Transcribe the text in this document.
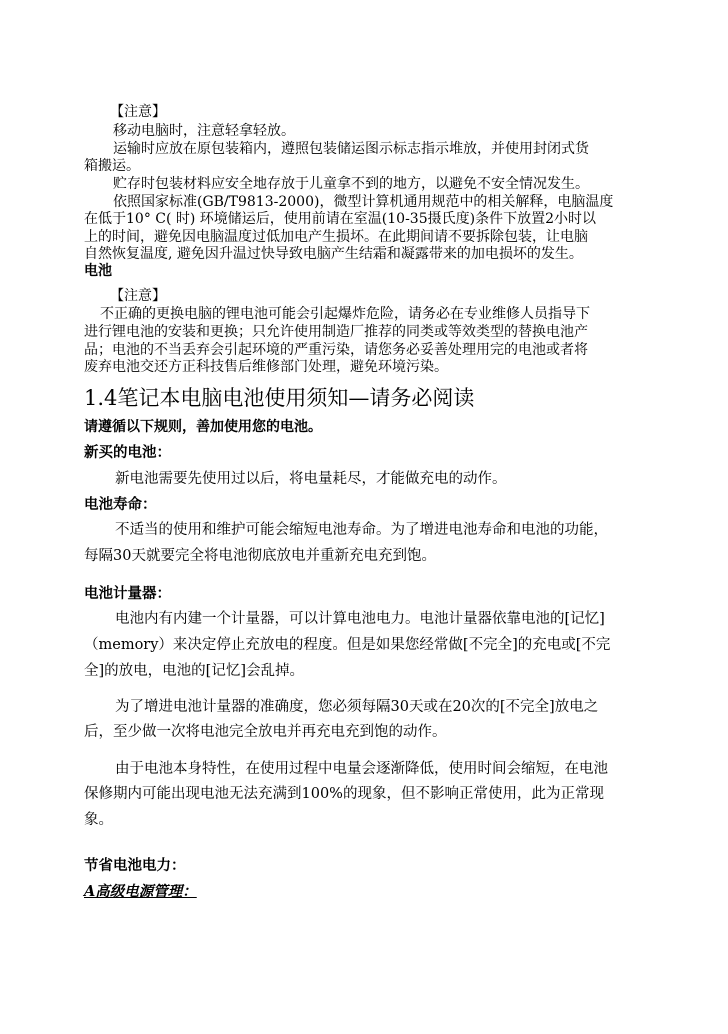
【注意】

移动电脑时，注意轻拿轻放。

运输时应放在原包装箱内，遵照包装储运图示标志指示堆放，并使用封闭式货

箱搬运。

贮存时包装材料应安全地存放于儿童拿不到的地方，以避免不安全情况发生。

依照国家标准(GB/T9813-2000)，微型计算机通用规范中的相关解释，电脑温度

在低于10° C( 时) 环境储运后，使用前请在室温(10-35摄氏度)条件下放置2小时以

上的时间，避免因电脑温度过低加电产生损坏。在此期间请不要拆除包装，让电脑

自然恢复温度, 避免因升温过快导致电脑产生结霜和凝露带来的加电损坏的发生。

电池

【注意】

不正确的更换电脑的锂电池可能会引起爆炸危险，请务必在专业维修人员指导下

进行锂电池的安装和更换；只允许使用制造厂推荐的同类或等效类型的替换电池产

品；电池的不当丢弃会引起环境的严重污染，请您务必妥善处理用完的电池或者将

废弃电池交还方正科技售后维修部门处理，避免环境污染。

1.4笔记本电脑电池使用须知—请务必阅读

请遵循以下规则，善加使用您的电池。

新买的电池：

新电池需要先使用过以后，将电量耗尽，才能做充电的动作。

电池寿命：

不适当的使用和维护可能会缩短电池寿命。为了增进电池寿命和电池的功能，

每隔30天就要完全将电池彻底放电并重新充电充到饱。

电池计量器：

电池内有内建一个计量器，可以计算电池电力。电池计量器依靠电池的[记忆]

（memory）来决定停止充放电的程度。但是如果您经常做[不完全]的充电或[不完

全]的放电，电池的[记忆]会乱掉。

为了增进电池计量器的准确度，您必须每隔30天或在20次的[不完全]放电之

后，至少做一次将电池完全放电并再充电充到饱的动作。

由于电池本身特性，在使用过程中电量会逐渐降低，使用时间会缩短，在电池

保修期内可能出现电池无法充满到100%的现象，但不影响正常使用，此为正常现

象。

节省电池电力：

A高级电源管理：
